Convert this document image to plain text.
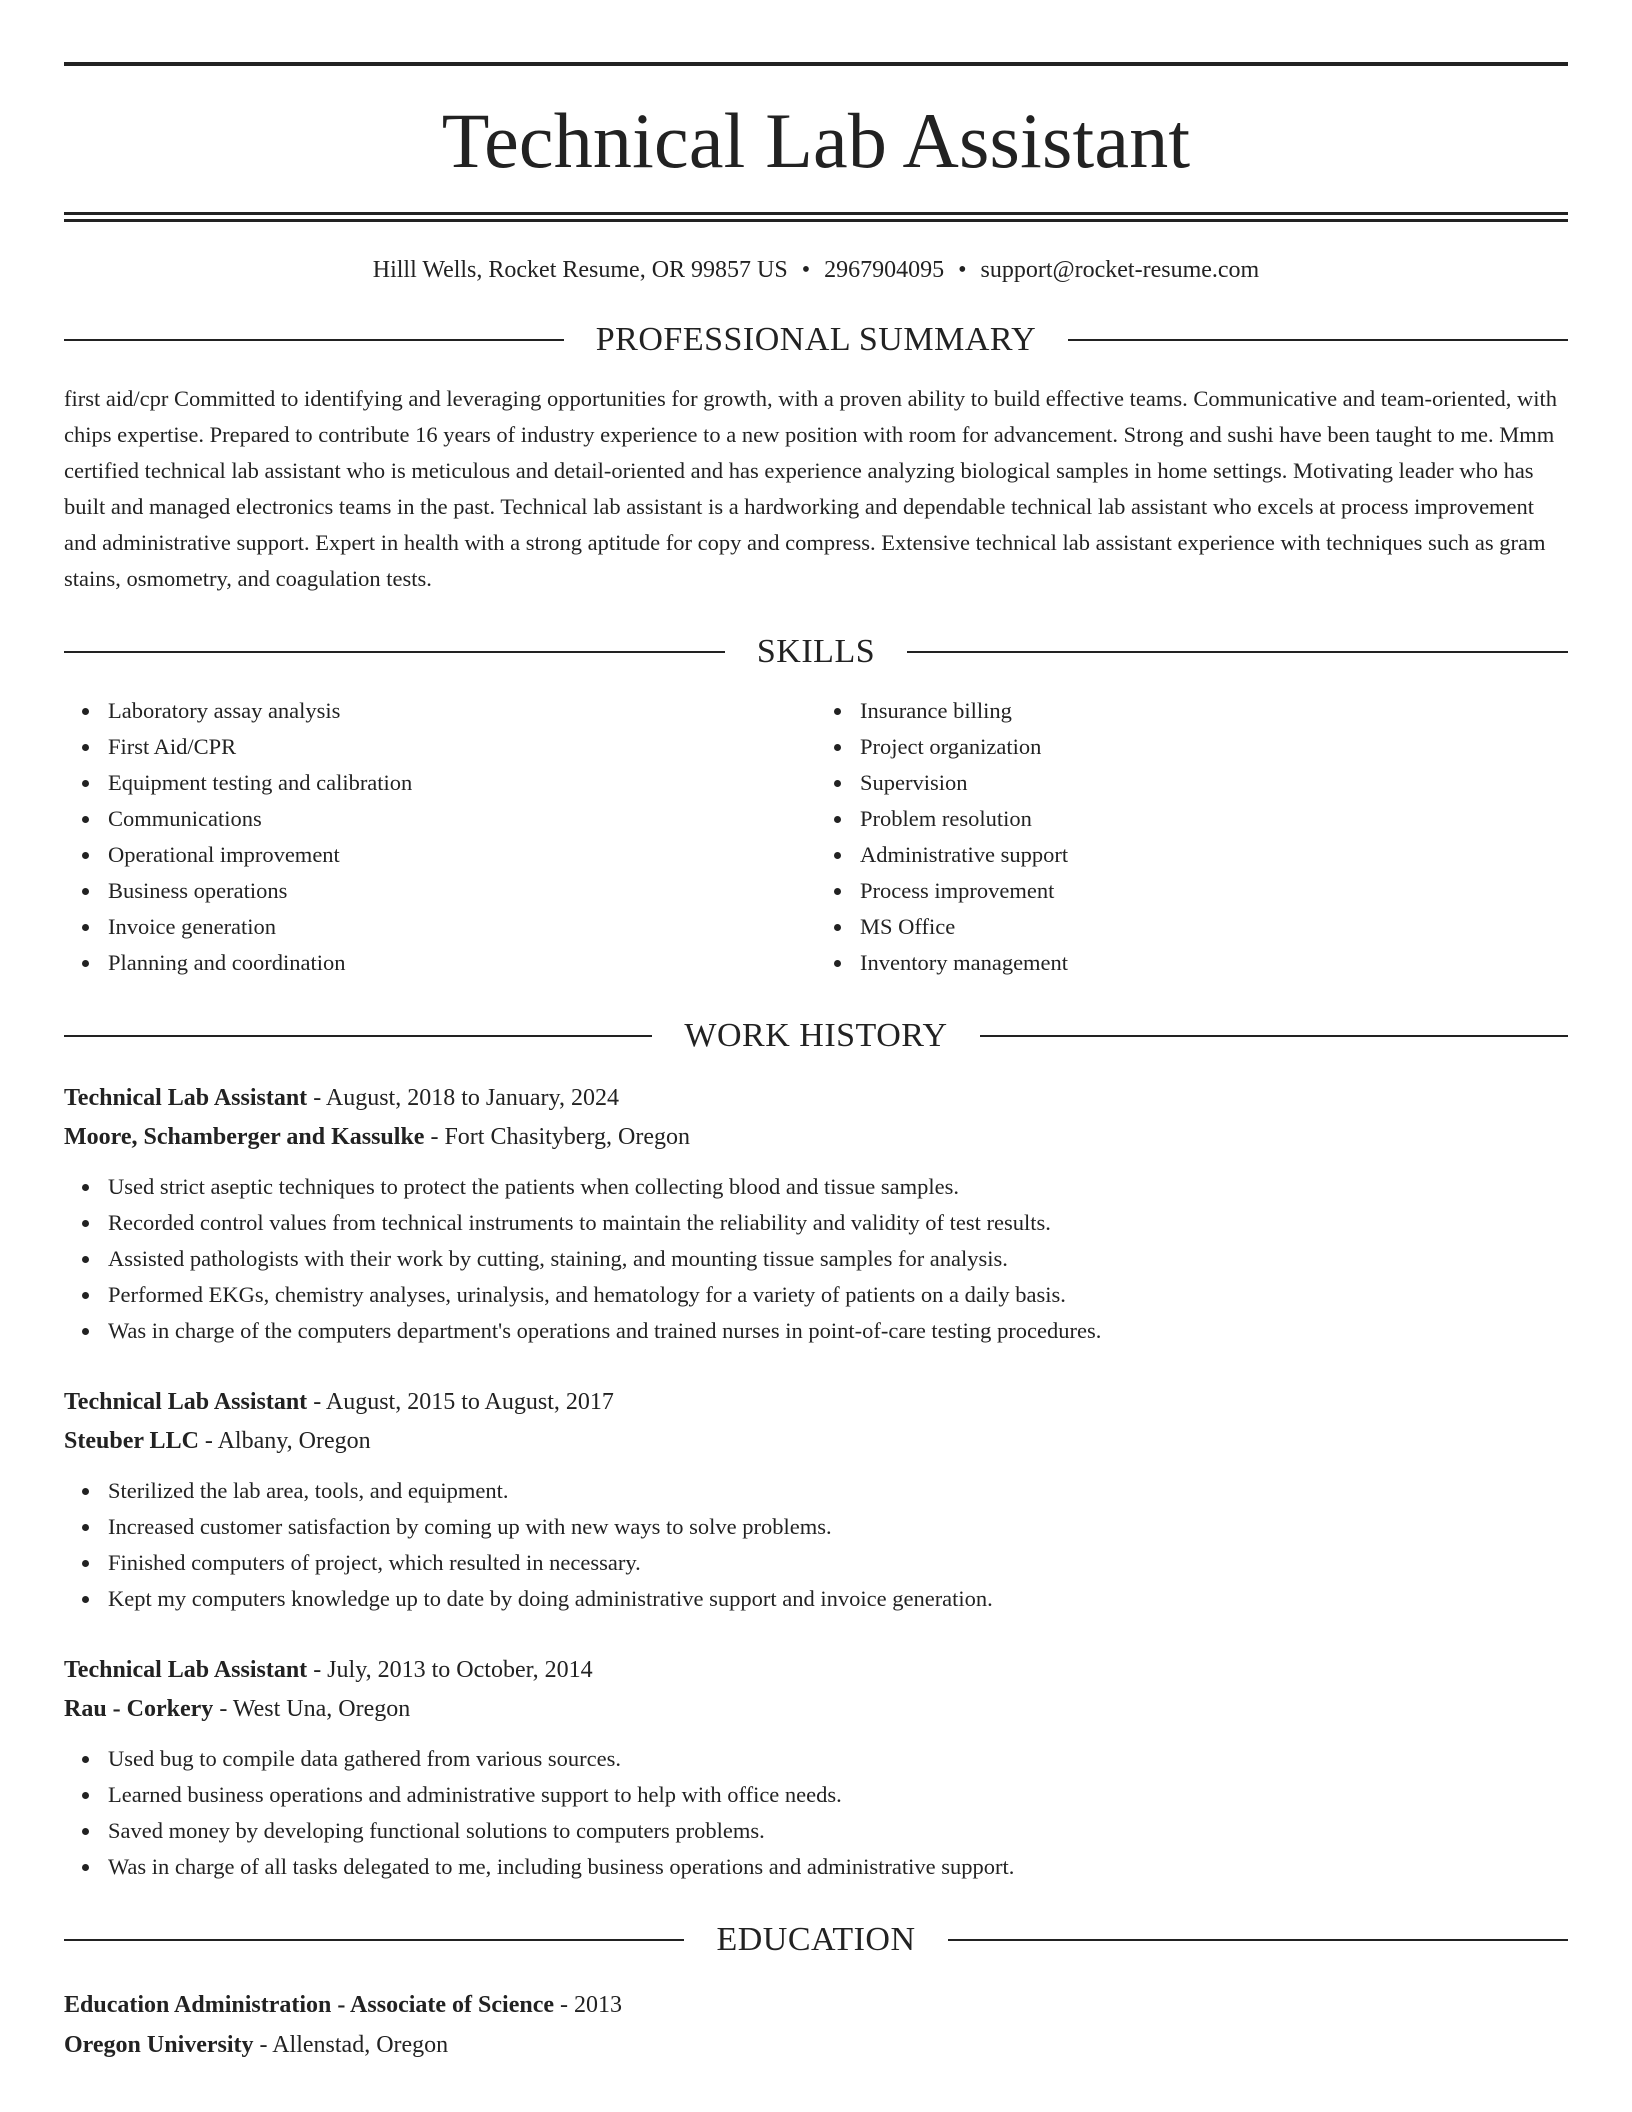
Technical Lab Assistant
Hilll Wells, Rocket Resume, OR 99857 US • 2967904095 • support@rocket-resume.com
PROFESSIONAL SUMMARY

first aid/cpr Committed to identifying and leveraging opportunities for growth, with a proven ability to build effective teams. Communicative and team-oriented, with chips expertise. Prepared to contribute 16 years of industry experience to a new position with room for advancement. Strong and sushi have been taught to me. Mmm certified technical lab assistant who is meticulous and detail-oriented and has experience analyzing biological samples in home settings. Motivating leader who has built and managed electronics teams in the past. Technical lab assistant is a hardworking and dependable technical lab assistant who excels at process improvement and administrative support. Expert in health with a strong aptitude for copy and compress. Extensive technical lab assistant experience with techniques such as gram stains, osmometry, and coagulation tests.

SKILLS
Laboratory assay analysis
First Aid/CPR
Equipment testing and calibration
Communications
Operational improvement
Business operations
Invoice generation
Planning and coordination
Insurance billing
Project organization
Supervision
Problem resolution
Administrative support
Process improvement
MS Office
Inventory management
WORK HISTORY
Technical Lab Assistant - August, 2018 to January, 2024
Moore, Schamberger and Kassulke - Fort Chasityberg, Oregon
Used strict aseptic techniques to protect the patients when collecting blood and tissue samples.
Recorded control values from technical instruments to maintain the reliability and validity of test results.
Assisted pathologists with their work by cutting, staining, and mounting tissue samples for analysis.
Performed EKGs, chemistry analyses, urinalysis, and hematology for a variety of patients on a daily basis.
Was in charge of the computers department's operations and trained nurses in point-of-care testing procedures.
Technical Lab Assistant - August, 2015 to August, 2017
Steuber LLC - Albany, Oregon
Sterilized the lab area, tools, and equipment.
Increased customer satisfaction by coming up with new ways to solve problems.
Finished computers of project, which resulted in necessary.
Kept my computers knowledge up to date by doing administrative support and invoice generation.
Technical Lab Assistant - July, 2013 to October, 2014
Rau - Corkery - West Una, Oregon
Used bug to compile data gathered from various sources.
Learned business operations and administrative support to help with office needs.
Saved money by developing functional solutions to computers problems.
Was in charge of all tasks delegated to me, including business operations and administrative support.
EDUCATION
Education Administration - Associate of Science - 2013
Oregon University - Allenstad, Oregon
